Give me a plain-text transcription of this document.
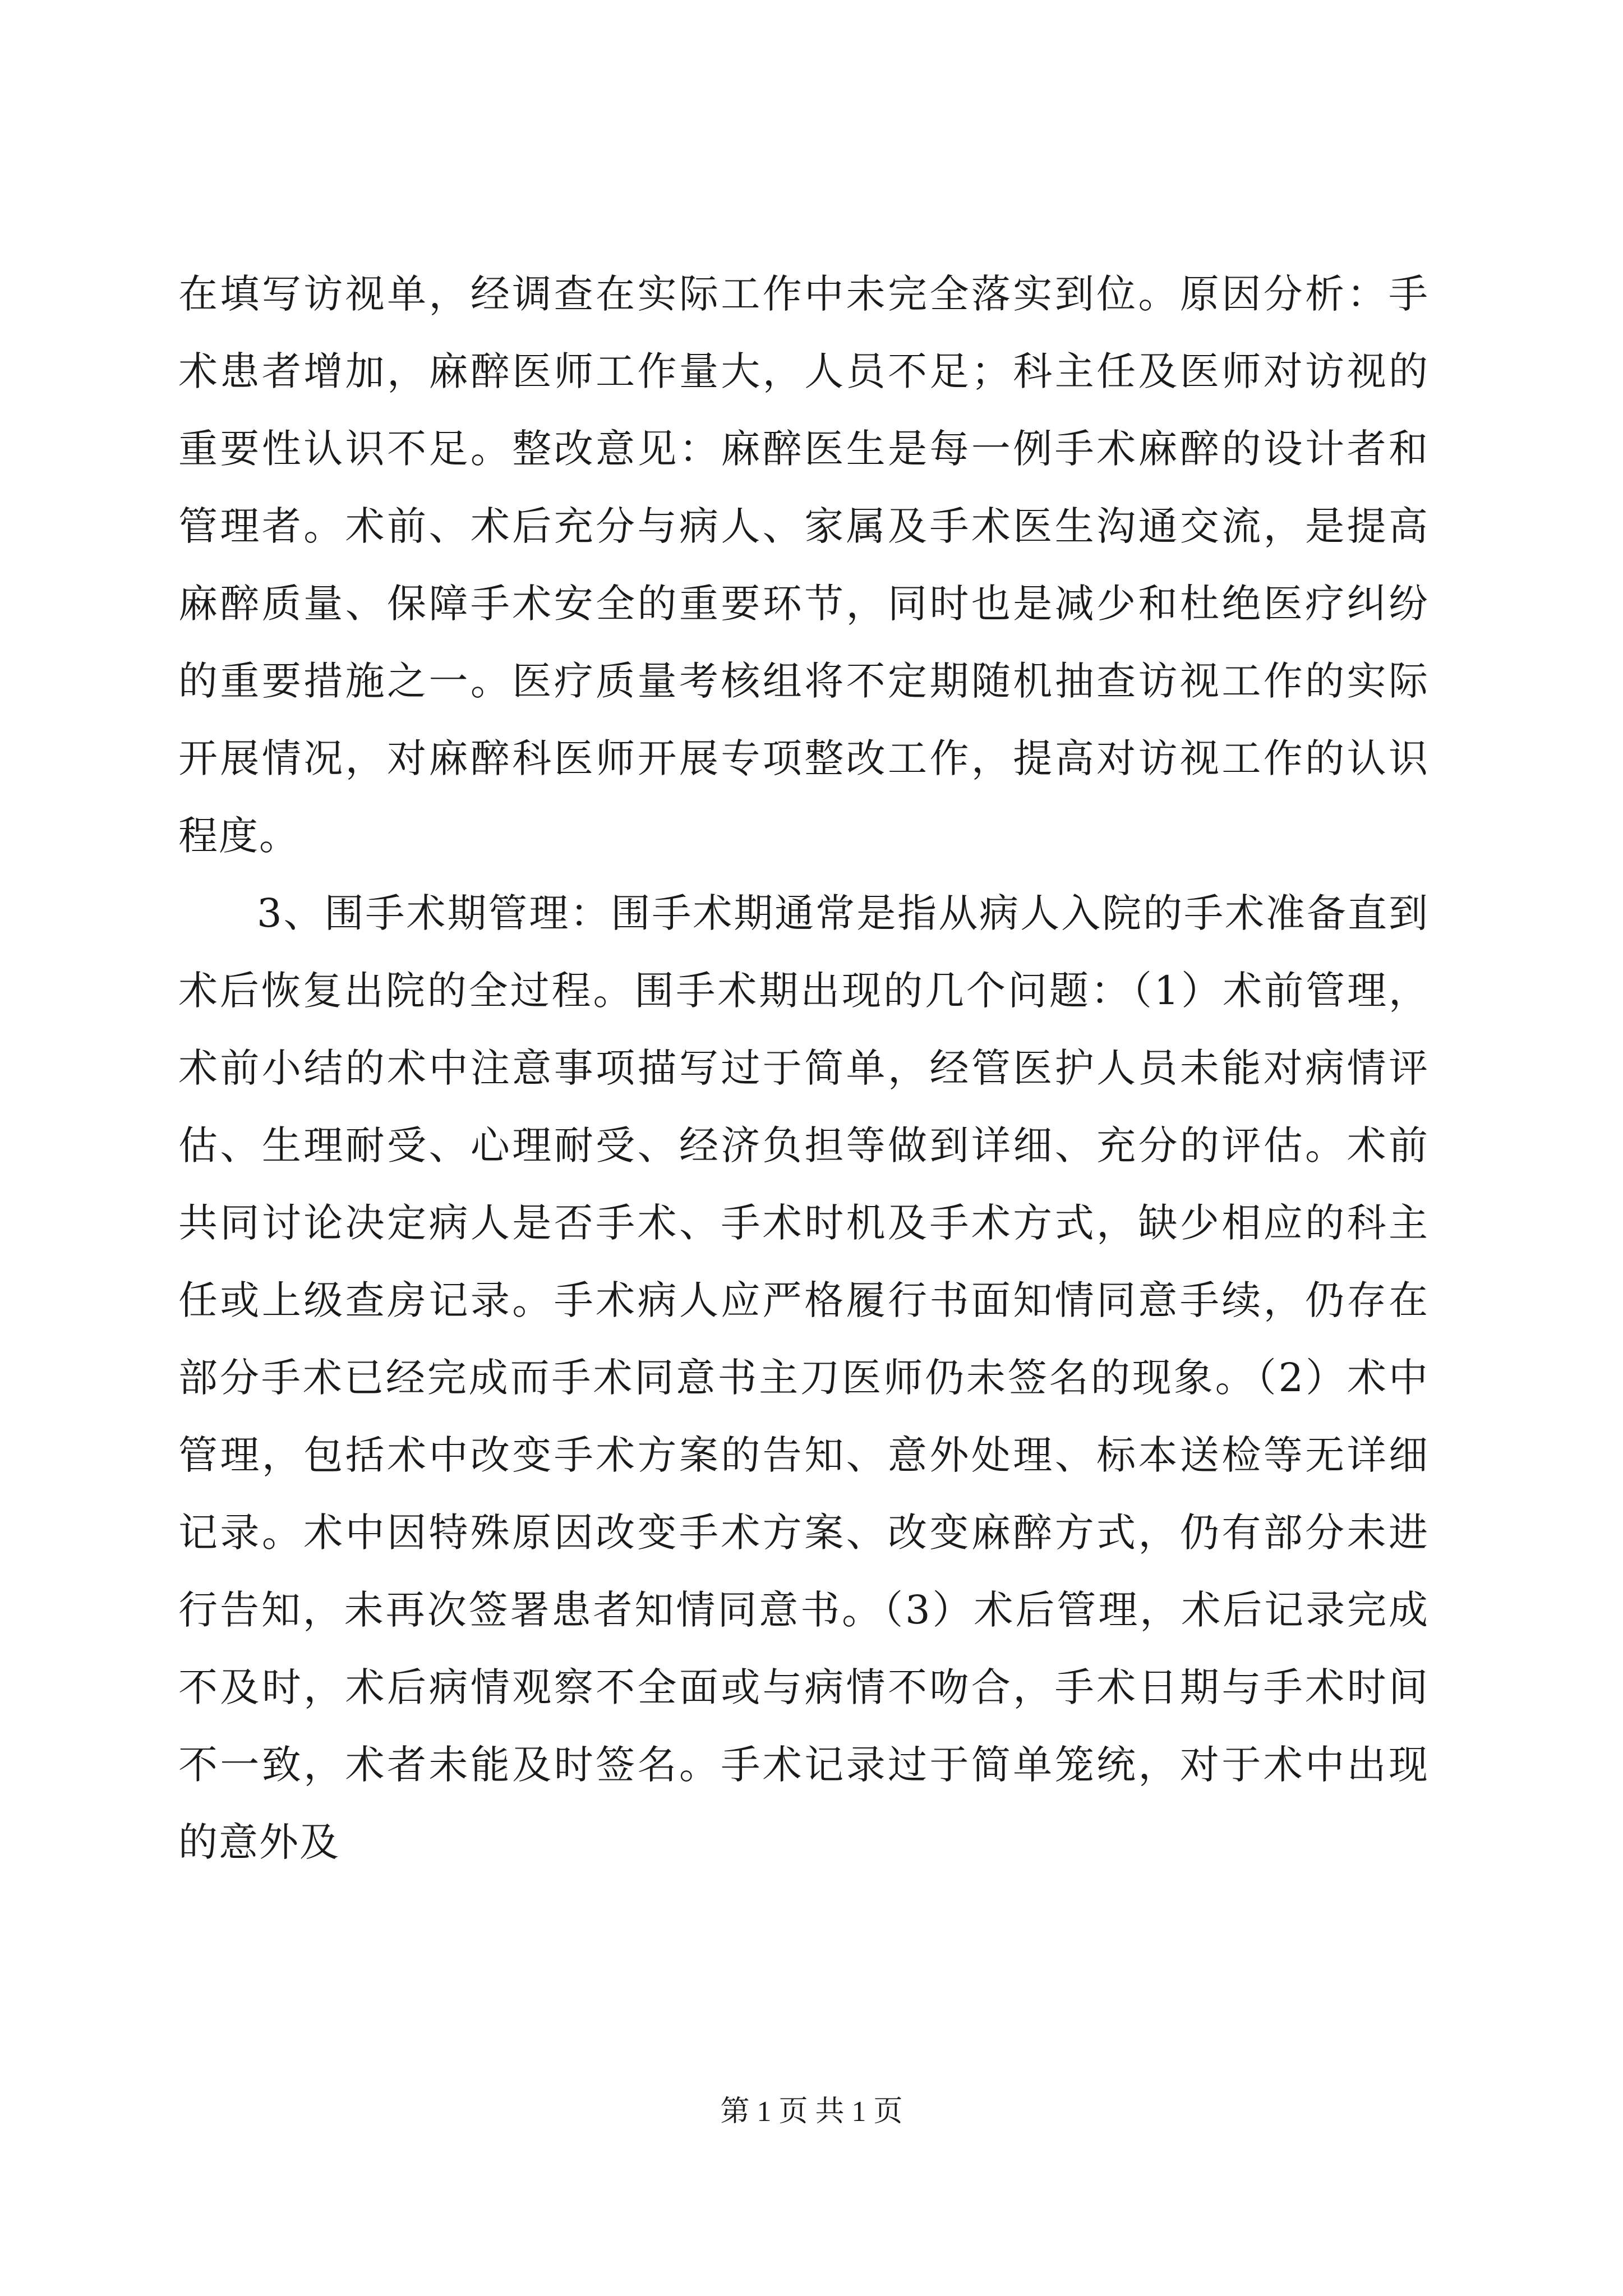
在填写访视单，经调查在实际工作中未完全落实到位。原因分析：手术患者增加，麻醉医师工作量大，人员不足；科主任及医师对访视的重要性认识不足。整改意见：麻醉医生是每一例手术麻醉的设计者和管理者。术前、术后充分与病人、家属及手术医生沟通交流，是提高麻醉质量、保障手术安全的重要环节，同时也是减少和杜绝医疗纠纷的重要措施之一。医疗质量考核组将不定期随机抽查访视工作的实际开展情况，对麻醉科医师开展专项整改工作，提高对访视工作的认识程度。

3、围手术期管理：围手术期通常是指从病人入院的手术准备直到术后恢复出院的全过程。围手术期出现的几个问题：（1）术前管理，术前小结的术中注意事项描写过于简单，经管医护人员未能对病情评估、生理耐受、心理耐受、经济负担等做到详细、充分的评估。术前共同讨论决定病人是否手术、手术时机及手术方式，缺少相应的科主任或上级查房记录。手术病人应严格履行书面知情同意手续，仍存在部分手术已经完成而手术同意书主刀医师仍未签名的现象。（2）术中管理，包括术中改变手术方案的告知、意外处理、标本送检等无详细记录。术中因特殊原因改变手术方案、改变麻醉方式，仍有部分未进行告知，未再次签署患者知情同意书。（3）术后管理，术后记录完成不及时，术后病情观察不全面或与病情不吻合，手术日期与手术时间不一致，术者未能及时签名。手术记录过于简单笼统，对于术中出现的意外及

第 1 页 共 1 页
